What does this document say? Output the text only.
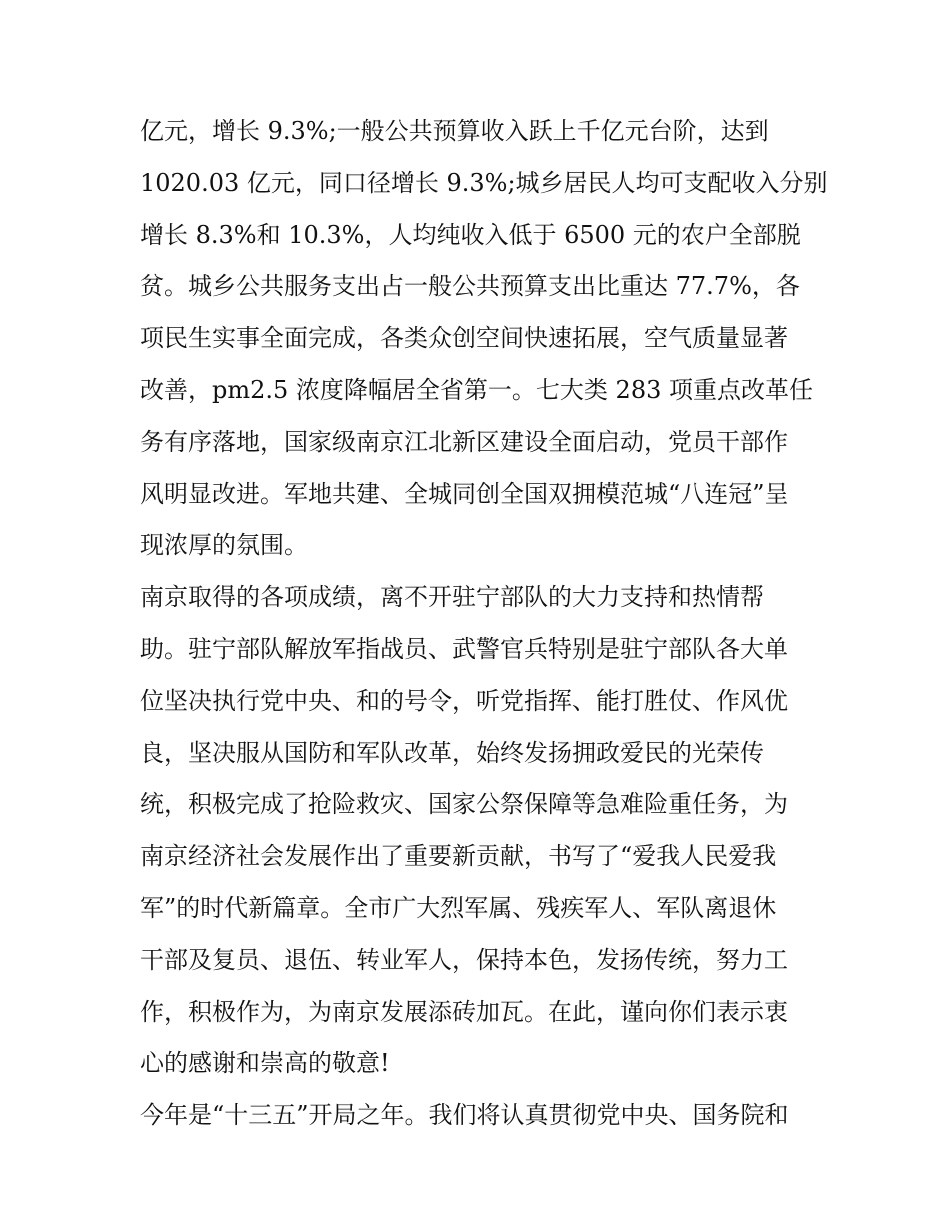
亿元，增长 9.3%;一般公共预算收入跃上千亿元台阶，达到
1020.03 亿元，同口径增长 9.3%;城乡居民人均可支配收入分别
增长 8.3%和 10.3%，人均纯收入低于 6500 元的农户全部脱
贫。城乡公共服务支出占一般公共预算支出比重达 77.7%，各
项民生实事全面完成，各类众创空间快速拓展，空气质量显著
改善，pm2.5 浓度降幅居全省第一。七大类 283 项重点改革任
务有序落地，国家级南京江北新区建设全面启动，党员干部作
风明显改进。军地共建、全城同创全国双拥模范城“八连冠”呈
现浓厚的氛围。
南京取得的各项成绩，离不开驻宁部队的大力支持和热情帮
助。驻宁部队解放军指战员、武警官兵特别是驻宁部队各大单
位坚决执行党中央、和的号令，听党指挥、能打胜仗、作风优
良，坚决服从国防和军队改革，始终发扬拥政爱民的光荣传
统，积极完成了抢险救灾、国家公祭保障等急难险重任务，为
南京经济社会发展作出了重要新贡献，书写了“爱我人民爱我
军”的时代新篇章。全市广大烈军属、残疾军人、军队离退休
干部及复员、退伍、转业军人，保持本色，发扬传统，努力工
作，积极作为，为南京发展添砖加瓦。在此，谨向你们表示衷
心的感谢和崇高的敬意!
今年是“十三五”开局之年。我们将认真贯彻党中央、国务院和
